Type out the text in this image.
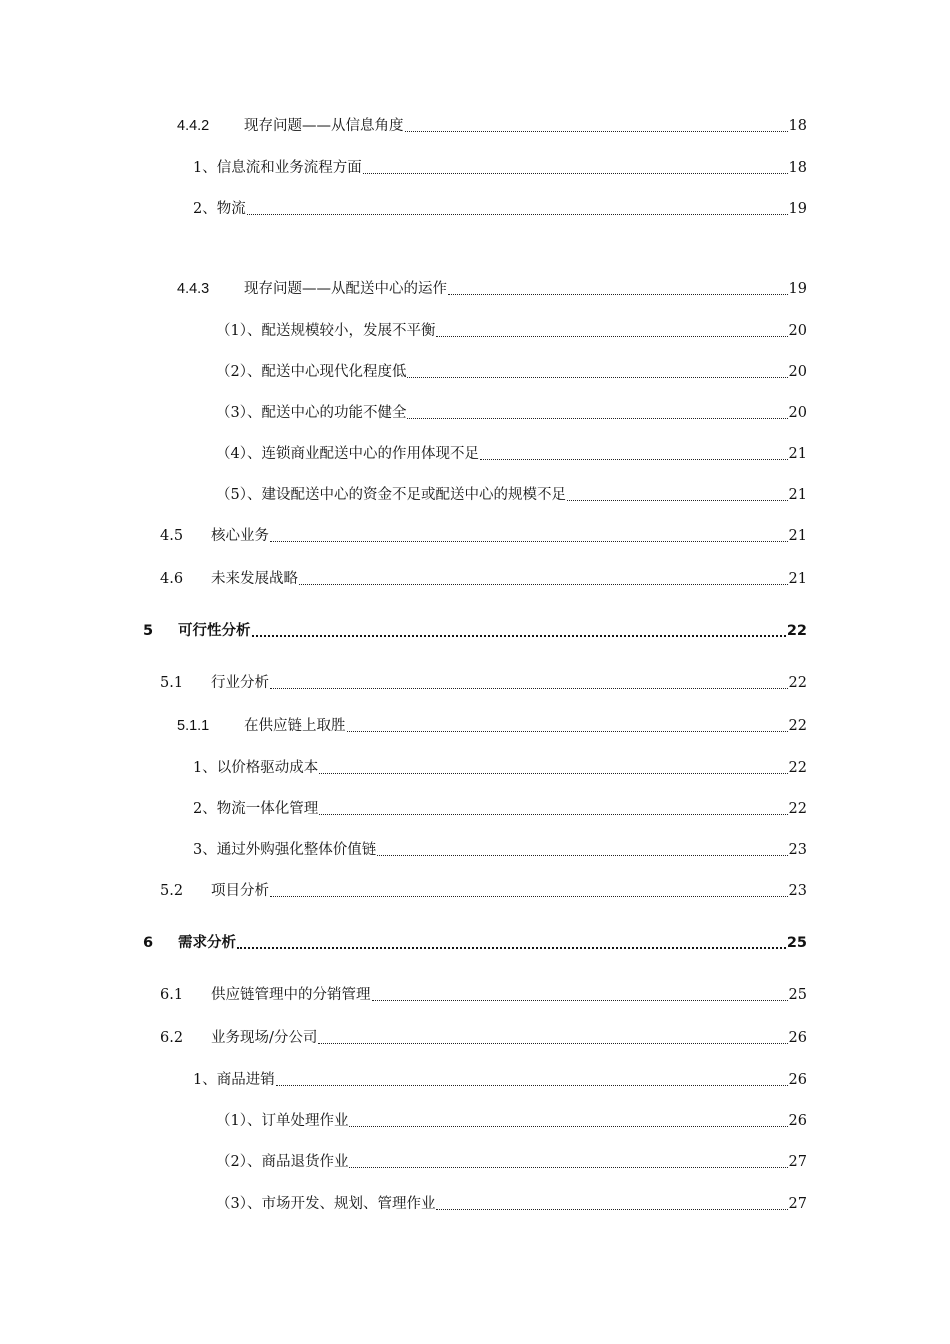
4.4.2	现存问题——从信息角度	18
1、信息流和业务流程方面	18
2、物流	19
4.4.3	现存问题——从配送中心的运作	19
（1）、配送规模较小，发展不平衡	20
（2）、配送中心现代化程度低	20
（3）、配送中心的功能不健全	20
（4）、连锁商业配送中心的作用体现不足	21
（5）、建设配送中心的资金不足或配送中心的规模不足	21
4.5	核心业务	21
4.6	未来发展战略	21
5	可行性分析	22
5.1	行业分析	22
5.1.1	在供应链上取胜	22
1、以价格驱动成本	22
2、物流一体化管理	22
3、通过外购强化整体价值链	23
5.2	项目分析	23
6	需求分析	25
6.1	供应链管理中的分销管理	25
6.2	业务现场/分公司	26
1、商品进销	26
（1）、订单处理作业	26
（2）、商品退货作业	27
（3）、市场开发、规划、管理作业	27
